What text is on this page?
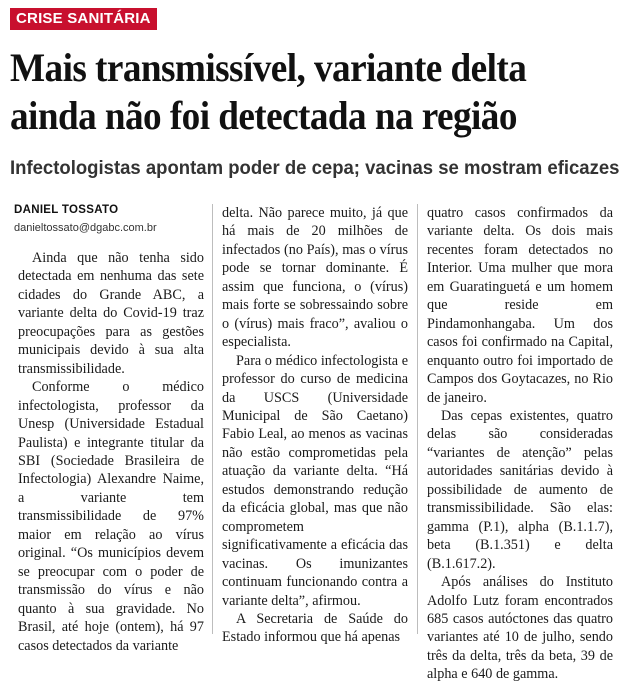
CRISE SANITÁRIA
Mais transmissível, variante delta
ainda não foi detectada na região
Infectologistas apontam poder de cepa; vacinas se mostram eficazes
DANIEL TOSSATO
danieltossato@dgabc.com.br

Ainda que não tenha sido detectada em nenhuma das sete cidades do Grande ABC, a variante delta do Covid-19 traz preocupações para as gestões municipais devido à sua alta transmissibilidade.

Conforme o médico infectologista, professor da Unesp (Universidade Estadual Paulista) e integrante titular da SBI (Sociedade Brasileira de Infectologia) Alexandre Naime, a variante tem transmissibilidade de 97% maior em relação ao vírus original. “Os municípios devem se preocupar com o poder de transmissão do vírus e não quanto à sua gravidade. No Brasil, até hoje (ontem), há 97 casos detectados da variante

delta. Não parece muito, já que há mais de 20 milhões de infectados (no País), mas o vírus pode se tornar dominante. É assim que funciona, o (vírus) mais forte se sobressaindo sobre o (vírus) mais fraco”, avaliou o especialista.

Para o médico infectologista e professor do curso de medicina da USCS (Universidade Municipal de São Caetano) Fabio Leal, ao menos as vacinas não estão comprometidas pela atuação da variante delta. “Há estudos demonstrando redução da eficácia global, mas que não comprometem significativamente a eficácia das vacinas. Os imunizantes continuam funcionando contra a variante delta”, afirmou.

A Secretaria de Saúde do Estado informou que há apenas

quatro casos confirmados da variante delta. Os dois mais recentes foram detectados no Interior. Uma mulher que mora em Guaratinguetá e um homem que reside em Pindamonhangaba. Um dos casos foi confirmado na Capital, enquanto outro foi importado de Campos dos Goytacazes, no Rio de janeiro.

Das cepas existentes, quatro delas são consideradas “variantes de atenção” pelas autoridades sanitárias devido à possibilidade de aumento de transmissibilidade. São elas: gamma (P.1), alpha (B.1.1.7), beta (B.1.351) e delta (B.1.617.2).

Após análises do Instituto Adolfo Lutz foram encontrados 685 casos autóctones das quatro variantes até 10 de julho, sendo três da delta, três da beta, 39 de alpha e 640 de gamma.
